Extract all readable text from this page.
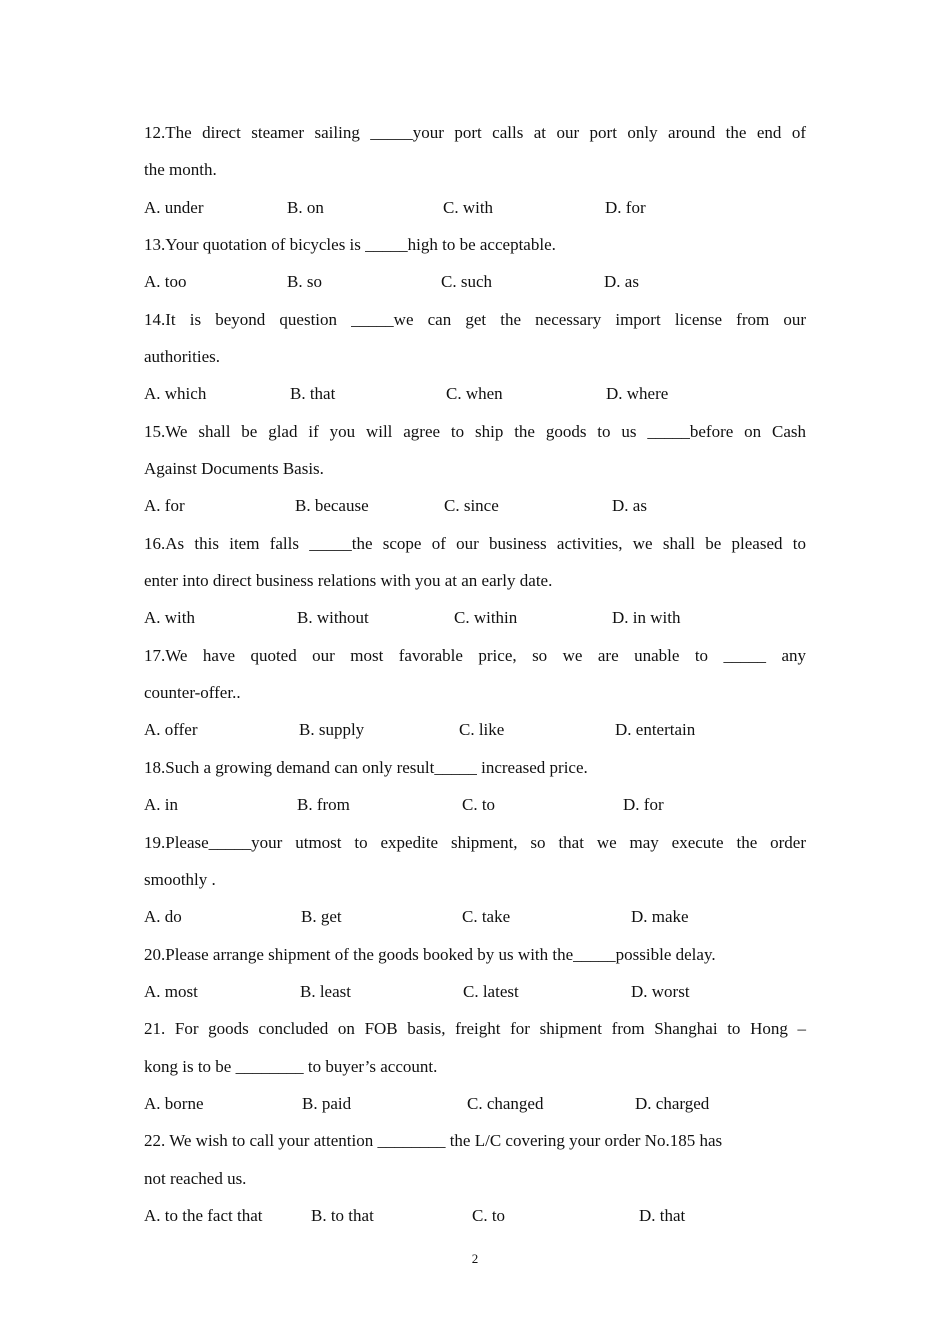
12.The direct steamer sailing _____your port calls at our port only around the end of
the month.
A. under	B. on	C. with	D. for
13.Your quotation of bicycles is _____high to be acceptable.
A. too	B. so	C. such	D. as
14.It is beyond question _____we can get the necessary import license from our
authorities.
A. which	B. that	C. when	D. where
15.We shall be glad if you will agree to ship the goods to us _____before on Cash
Against Documents Basis.
A. for	B. because	C. since	D. as
16.As this item falls _____the scope of our business activities, we shall be pleased to
enter into direct business relations with you at an early date.
A. with	B. without	C. within	D. in with
17.We have quoted our most favorable price, so we are unable to _____ any
counter-offer..
A. offer	B. supply	C. like	D. entertain
18.Such a growing demand can only result_____ increased price.
A. in	B. from	C. to	D. for
19.Please_____your utmost to expedite shipment, so that we may execute the order
smoothly .
A. do	B. get	C. take	D. make
20.Please arrange shipment of the goods booked by us with the_____possible delay.
A. most	B. least	C. latest	D. worst
21. For goods concluded on FOB basis, freight for shipment from Shanghai to Hong –
kong is to be ________ to buyer’s account.
A. borne	B. paid	C. changed	D. charged
22. We wish to call your attention ________ the L/C covering your order No.185 has
not reached us.
A. to the fact that	B. to that	C. to	D. that
2
